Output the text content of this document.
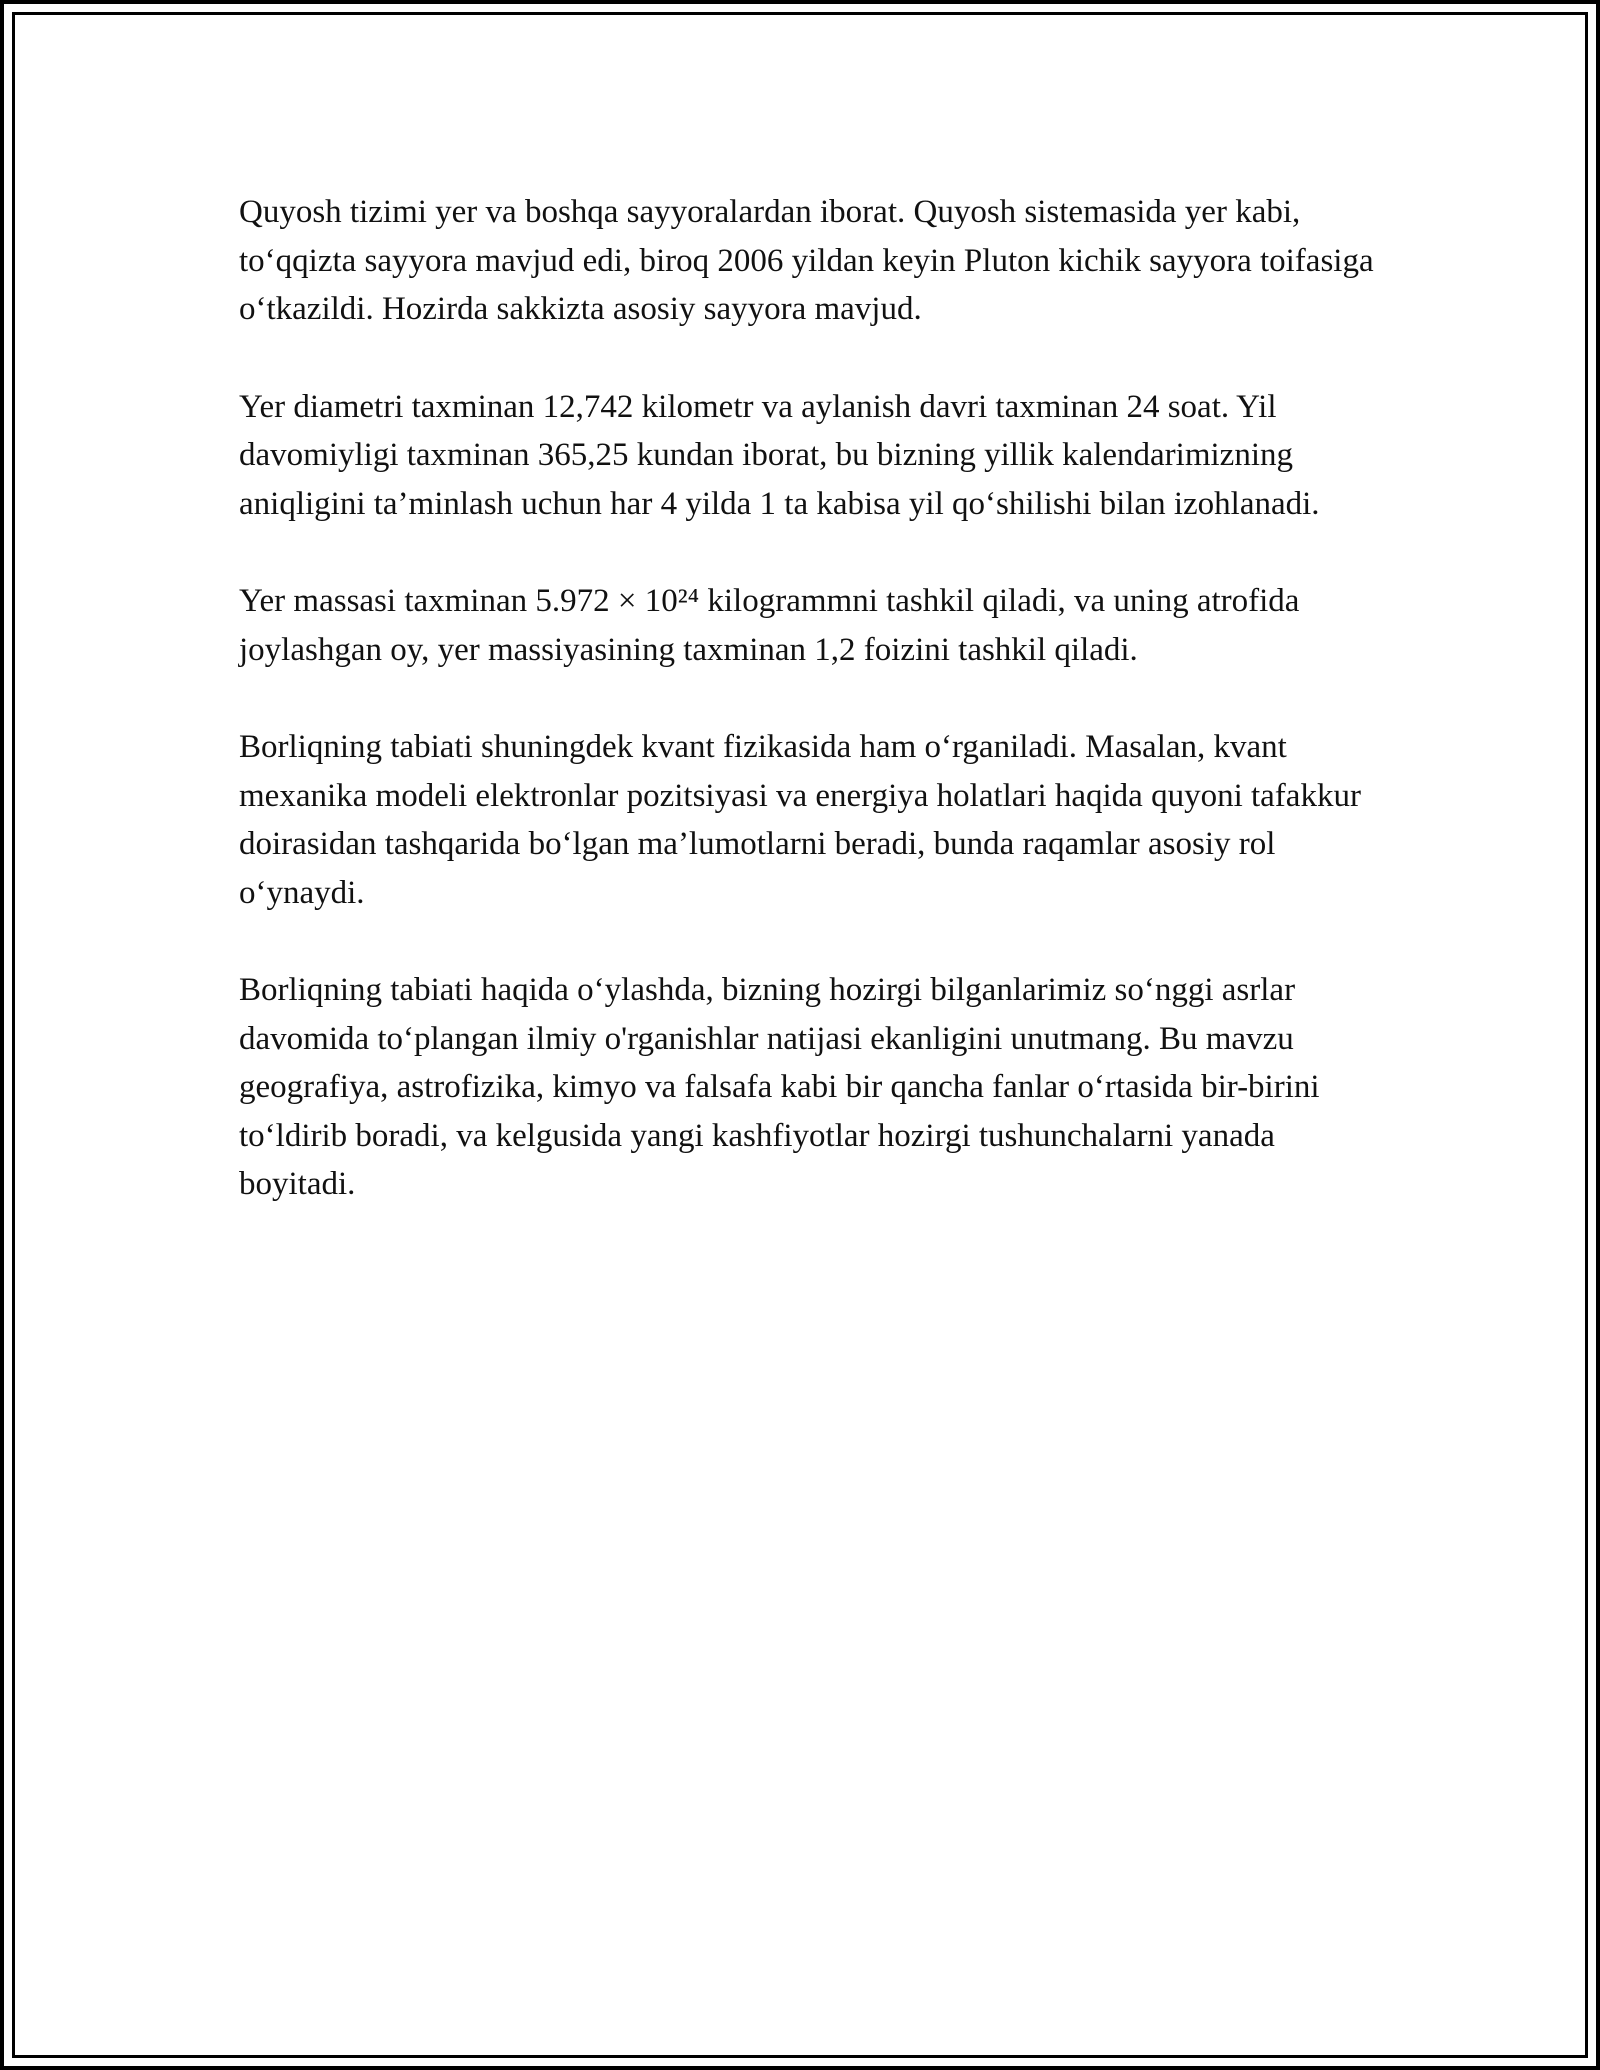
Quyosh tizimi yer va boshqa sayyoralardan iborat. Quyosh sistemasida yer kabi, to‘qqizta sayyora mavjud edi, biroq 2006 yildan keyin Pluton kichik sayyora toifasiga o‘tkazildi. Hozirda sakkizta asosiy sayyora mavjud.

Yer diametri taxminan 12,742 kilometr va aylanish davri taxminan 24 soat. Yil davomiyligi taxminan 365,25 kundan iborat, bu bizning yillik kalendarimizning aniqligini ta’minlash uchun har 4 yilda 1 ta kabisa yil qo‘shilishi bilan izohlanadi.

Yer massasi taxminan 5.972 × 10²⁴ kilogrammni tashkil qiladi, va uning atrofida joylashgan oy, yer massiyasining taxminan 1,2 foizini tashkil qiladi.

Borliqning tabiati shuningdek kvant fizikasida ham o‘rganiladi. Masalan, kvant mexanika modeli elektronlar pozitsiyasi va energiya holatlari haqida quyoni tafakkur doirasidan tashqarida bo‘lgan ma’lumotlarni beradi, bunda raqamlar asosiy rol o‘ynaydi.

Borliqning tabiati haqida o‘ylashda, bizning hozirgi bilganlarimiz so‘nggi asrlar davomida to‘plangan ilmiy o'rganishlar natijasi ekanligini unutmang. Bu mavzu geografiya, astrofizika, kimyo va falsafa kabi bir qancha fanlar o‘rtasida bir-birini to‘ldirib boradi, va kelgusida yangi kashfiyotlar hozirgi tushunchalarni yanada boyitadi.
